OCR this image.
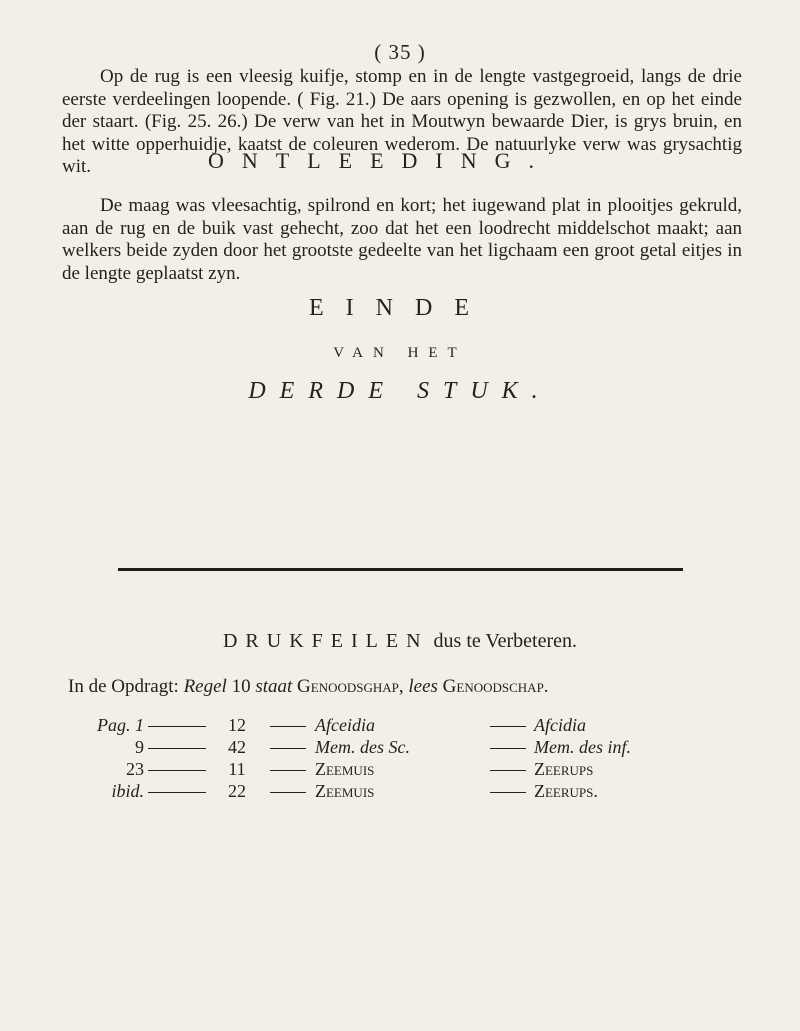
( 35 )

Op de rug is een vleesig kuifje, stomp en in de lengte vastgegroeid, langs de drie eerste verdeelingen loopende. ( Fig. 21.) De aars opening is gezwollen, en op het einde der staart. (Fig. 25. 26.) De verw van het in Moutwyn bewaarde Dier, is grys bruin, en het witte opperhuidje, kaatst de coleuren wederom. De natuurlyke verw was grysachtig wit.	ONTLEEDING.

De maag was vleesachtig, spilrond en kort; het iugewand plat in plooitjes gekruld, aan de rug en de buik vast gehecht, zoo dat het een loodrecht middelschot maakt; aan welkers beide zyden door het grootste gedeelte van het ligchaam een groot getal eitjes in de lengte geplaatst zyn.

EINDE
VAN HET
DERDE STUK.
DRUKFEILEN dus te Verbeteren.
In de Opdragt: Regel 10 staat Genoodsghap, lees Genoodschap.
Pag. 1	12	Afceidia	Afcidia
9	42	Mem. des Sc.	Mem. des inf.
23	11	Zeemuis	Zeerups
ibid.	22	Zeemuis	Zeerups.
